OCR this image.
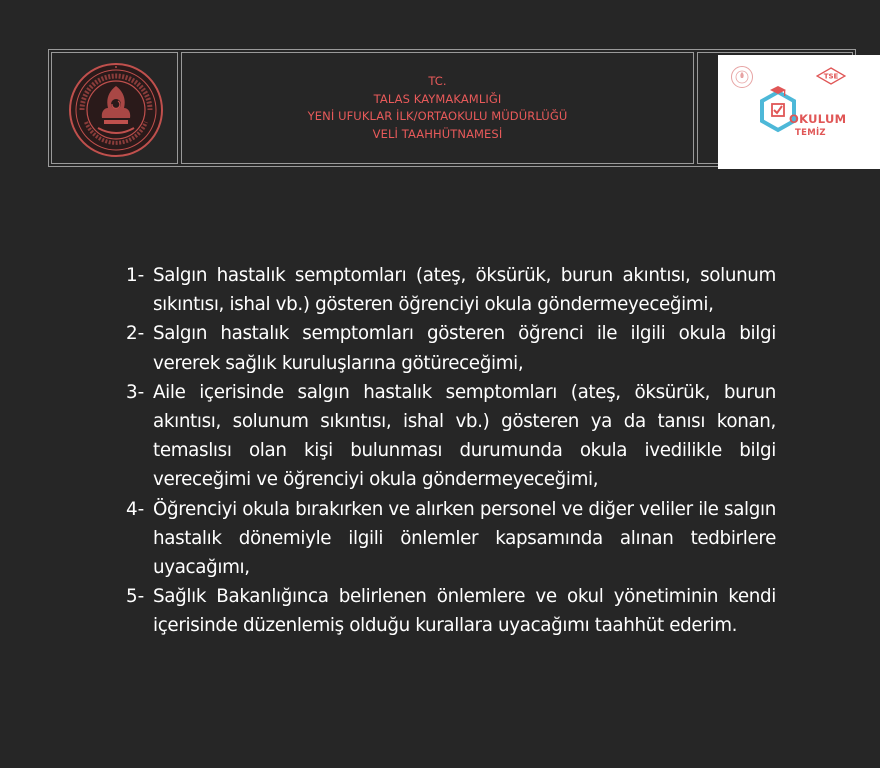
TC.
TALAS KAYMAKAMLIĞI
YENİ UFUKLAR İLK/ORTAOKULU MÜDÜRLÜĞÜ
VELİ TAAHHÜTNAMESİ
TSE
OKULUM
TEMİZ
1- Salgın hastalık semptomları (ateş, öksürük, burun akıntısı, solunum sıkıntısı, ishal vb.) gösteren öğrenciyi okula göndermeyeceğimi,
2- Salgın hastalık semptomları gösteren öğrenci ile ilgili okula bilgi vererek sağlık kuruluşlarına götüreceğimi,
3- Aile içerisinde salgın hastalık semptomları (ateş, öksürük, burun akıntısı, solunum sıkıntısı, ishal vb.) gösteren ya da tanısı konan, temaslısı olan kişi bulunması durumunda okula ivedilikle bilgi vereceğimi ve öğrenciyi okula göndermeyeceğimi,
4- Öğrenciyi okula bırakırken ve alırken personel ve diğer veliler ile salgın hastalık dönemiyle ilgili önlemler kapsamında alınan tedbirlere uyacağımı,
5- Sağlık Bakanlığınca belirlenen önlemlere ve okul yönetiminin kendi içerisinde düzenlemiş olduğu kurallara uyacağımı taahhüt ederim.
